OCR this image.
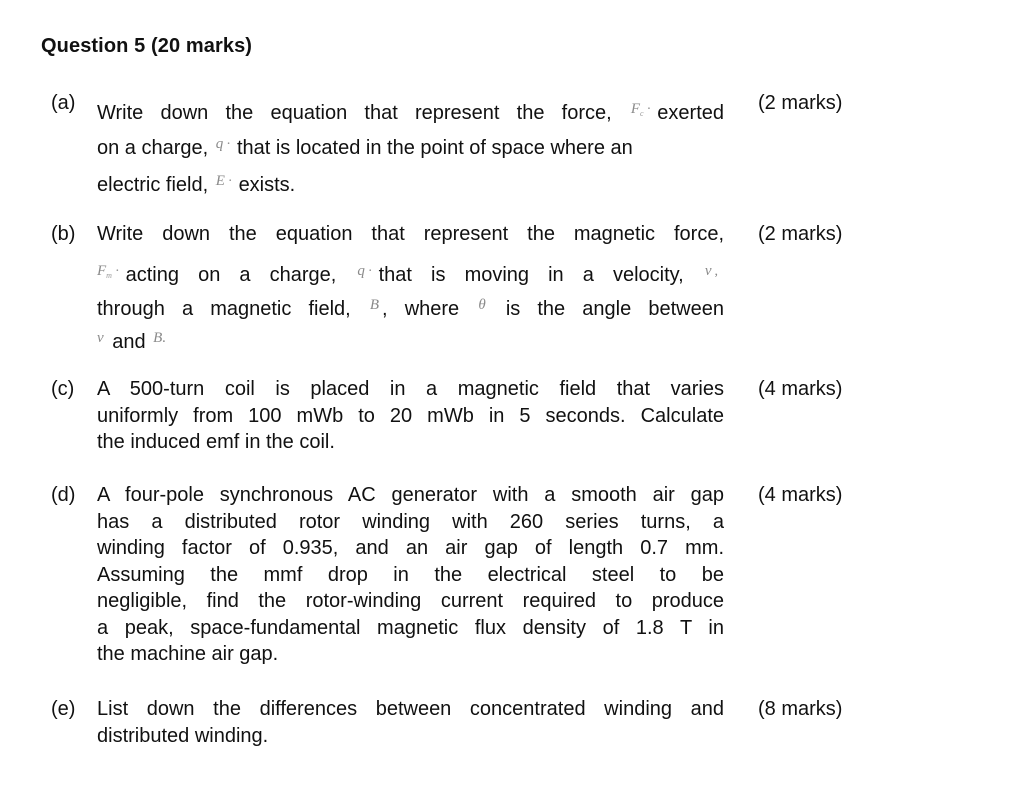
Question 5 (20 marks)
(a) Write down the equation that represent the force, $^{F_c}$ · exerted
on a charge, $^q$ · that is located in the point of space where an
electric field, $^E$ · exists.
(2 marks)
(b) Write down the equation that represent the magnetic force,
$^{F_m}$ · acting on a charge, $^q$ · that is moving in a velocity, $^v$ ,
through a magnetic field, $^B$ , where $^\theta$ is the angle between
$^v$ and $^{B.}$
(2 marks)
(c) A 500-turn coil is placed in a magnetic field that varies
uniformly from 100 mWb to 20 mWb in 5 seconds. Calculate
the induced emf in the coil.
(4 marks)
(d) A four-pole synchronous AC generator with a smooth air gap
has a distributed rotor winding with 260 series turns, a
winding factor of 0.935, and an air gap of length 0.7 mm.
Assuming the mmf drop in the electrical steel to be
negligible, find the rotor-winding current required to produce
a peak, space-fundamental magnetic flux density of 1.8 T in
the machine air gap.
(4 marks)
(e) List down the differences between concentrated winding and
distributed winding.
(8 marks)
